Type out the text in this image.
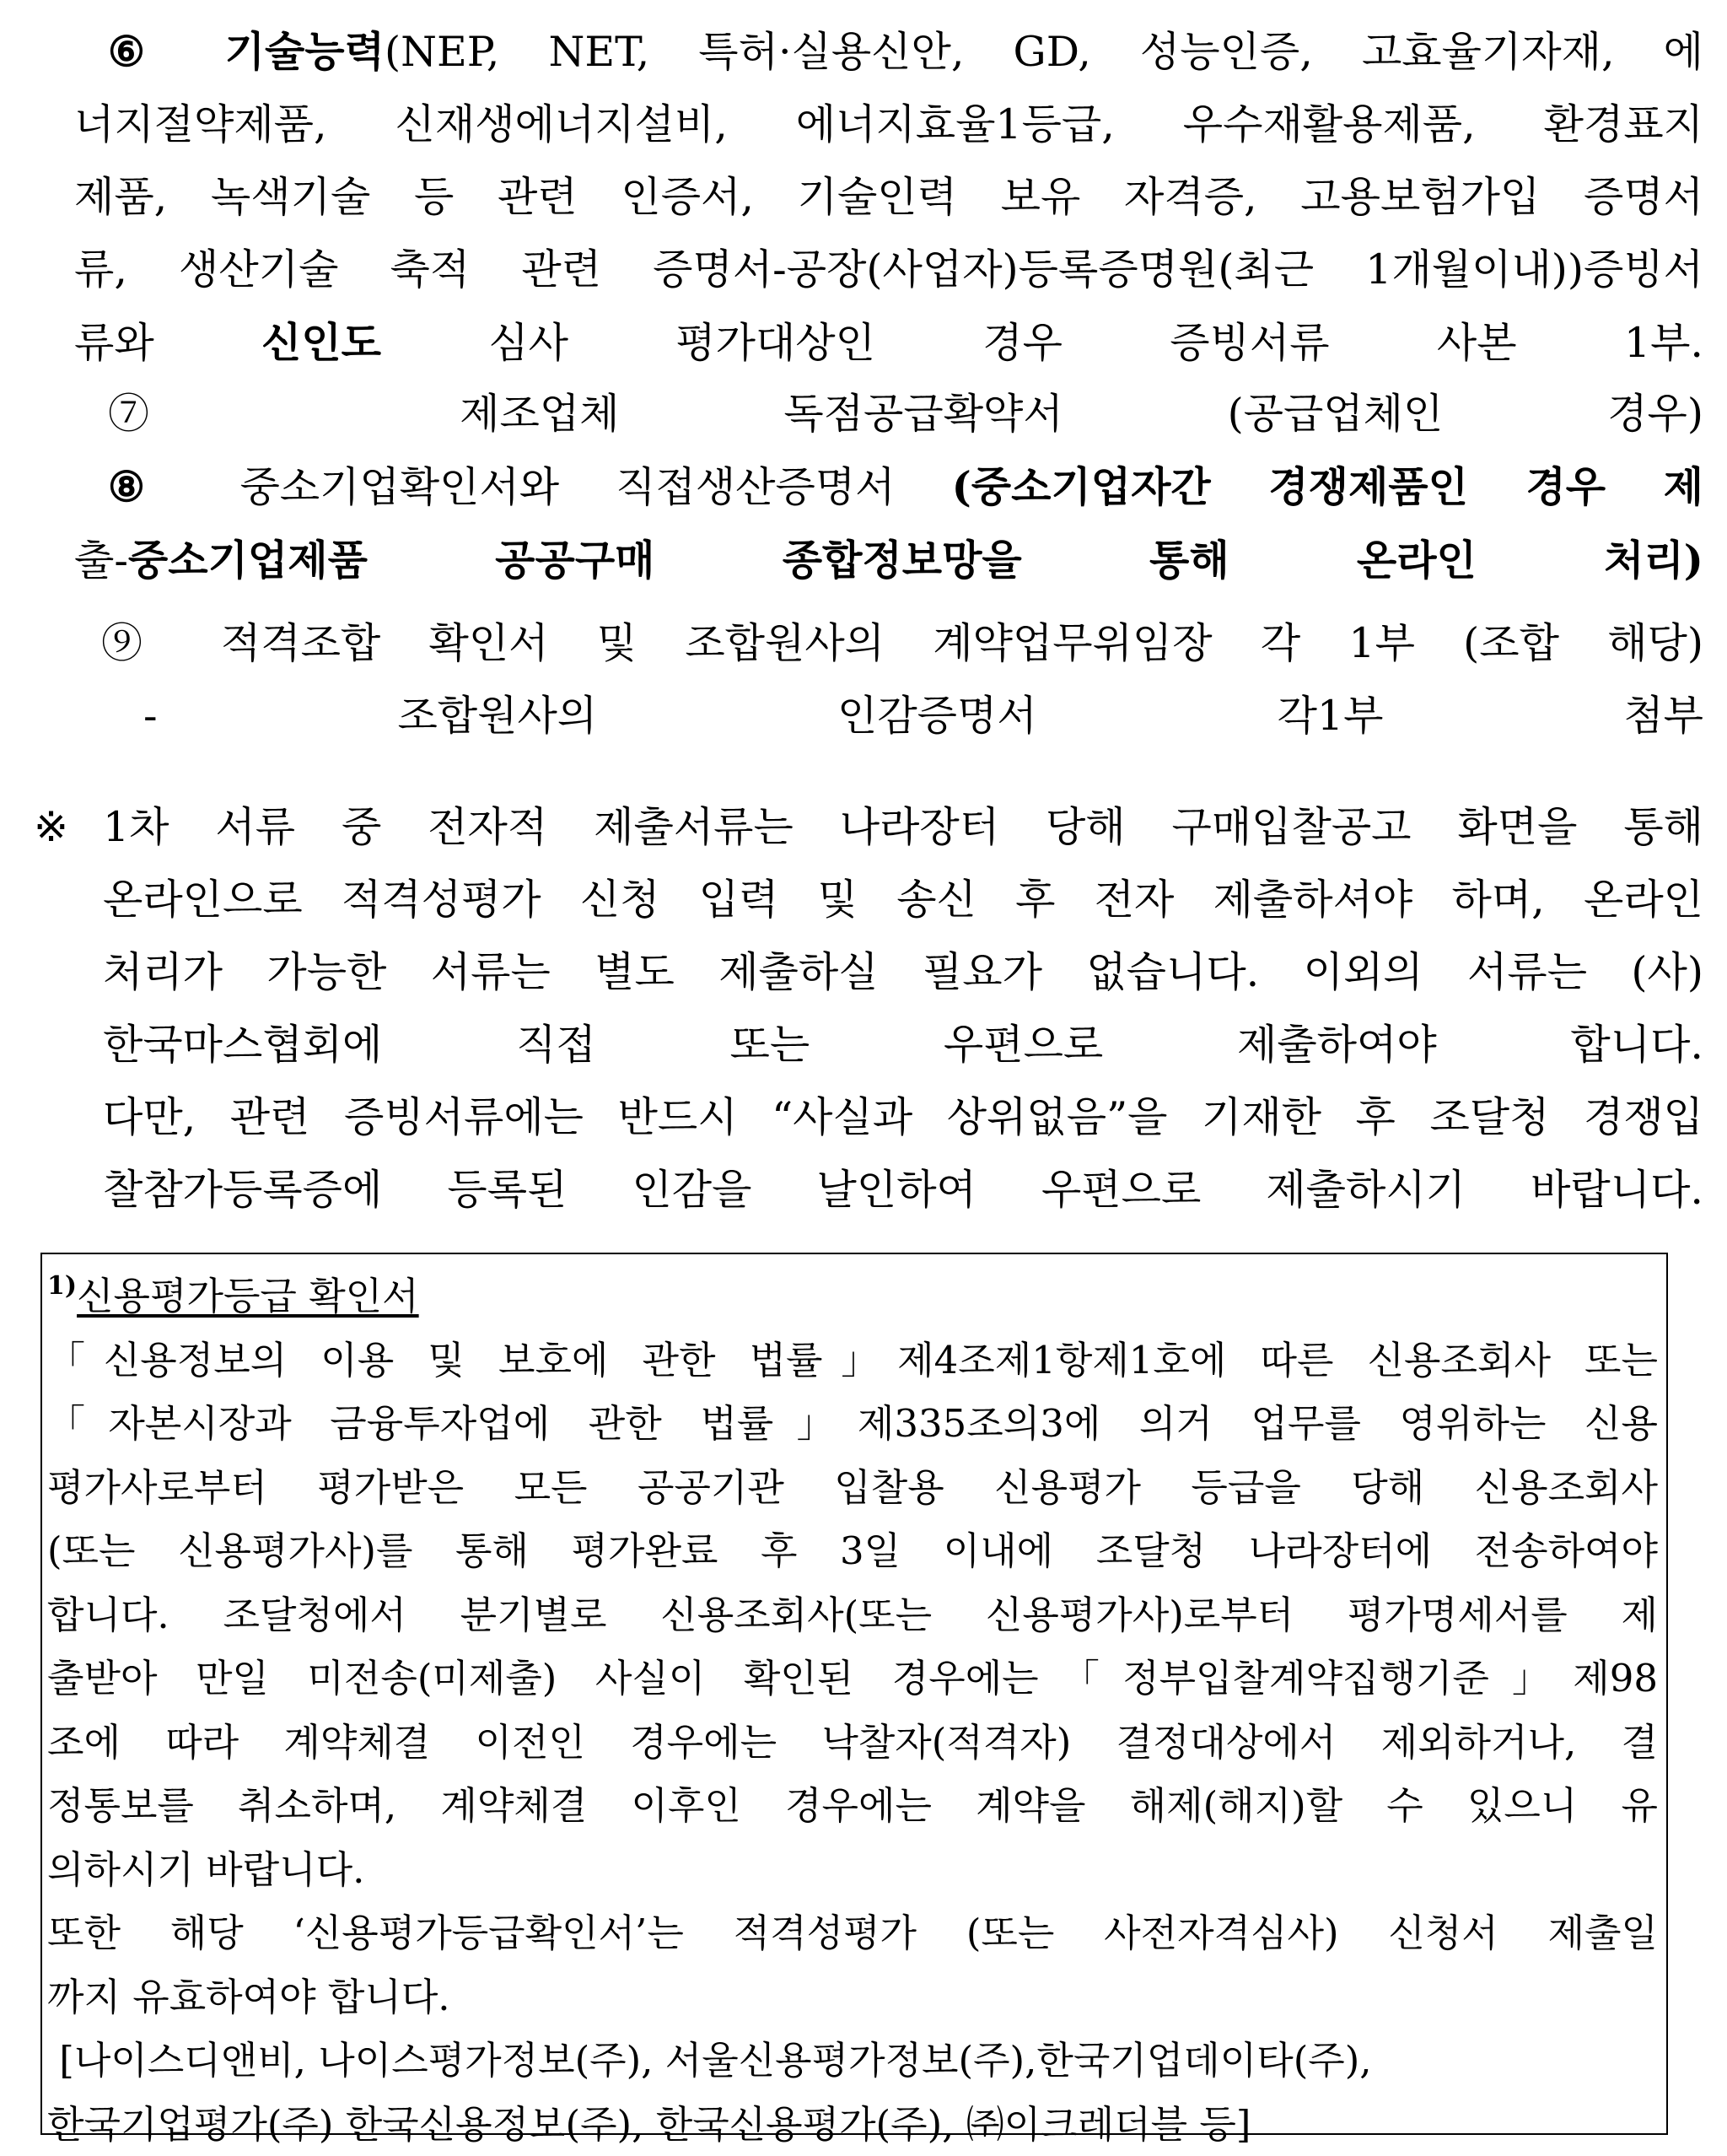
⑥ 기술능력(NEP, NET, 특허·실용신안, GD, 성능인증, 고효율기자재, 에
너지절약제품, 신재생에너지설비, 에너지효율1등급, 우수재활용제품, 환경표지
제품, 녹색기술 등 관련 인증서, 기술인력 보유 자격증, 고용보험가입 증명서
류, 생산기술 축적 관련 증명서-공장(사업자)등록증명원(최근 1개월이내))증빙서
류와 신인도 심사 평가대상인 경우 증빙서류 사본 1부.
⑦	제조업체 독점공급확약서 (공급업체인 경우)
⑧ 중소기업확인서와 직접생산증명서 (중소기업자간 경쟁제품인 경우 제
출-중소기업제품 공공구매 종합정보망을 통해 온라인 처리)
⑨ 적격조합 확인서 및 조합원사의 계약업무위임장 각 1부 (조합 해당)
- 조합원사의 인감증명서 각1부 첨부
※ 1차 서류 중 전자적 제출서류는 나라장터 당해 구매입찰공고 화면을 통해
온라인으로 적격성평가 신청 입력 및 송신 후 전자 제출하셔야 하며, 온라인
처리가 가능한 서류는 별도 제출하실 필요가 없습니다. 이외의 서류는 (사)
한국마스협회에 직접 또는 우편으로 제출하여야 합니다.
다만, 관련 증빙서류에는 반드시 “사실과 상위없음”을 기재한 후 조달청 경쟁입
찰참가등록증에 등록된 인감을 날인하여 우편으로 제출하시기 바랍니다.
$^{1)}$신용평가등급 확인서
「신용정보의 이용 및 보호에 관한 법률」제4조제1항제1호에 따른 신용조회사 또는
「자본시장과 금융투자업에 관한 법률」제335조의3에 의거 업무를 영위하는 신용
평가사로부터 평가받은 모든 공공기관 입찰용 신용평가 등급을 당해 신용조회사
(또는 신용평가사)를 통해 평가완료 후 3일 이내에 조달청 나라장터에 전송하여야
합니다. 조달청에서 분기별로 신용조회사(또는 신용평가사)로부터 평가명세서를 제
출받아 만일 미전송(미제출) 사실이 확인된 경우에는「정부입찰계약집행기준」제98
조에 따라 계약체결 이전인 경우에는 낙찰자(적격자) 결정대상에서 제외하거나, 결
정통보를 취소하며, 계약체결 이후인 경우에는 계약을 해제(해지)할 수 있으니 유
의하시기 바랍니다.
또한 해당 ‘신용평가등급확인서’는 적격성평가 (또는 사전자격심사) 신청서 제출일
까지 유효하여야 합니다.
[나이스디앤비, 나이스평가정보(주), 서울신용평가정보(주),한국기업데이타(주),
한국기업평가(주) 한국신용정보(주), 한국신용평가(주), ㈜이크레더블 등]
